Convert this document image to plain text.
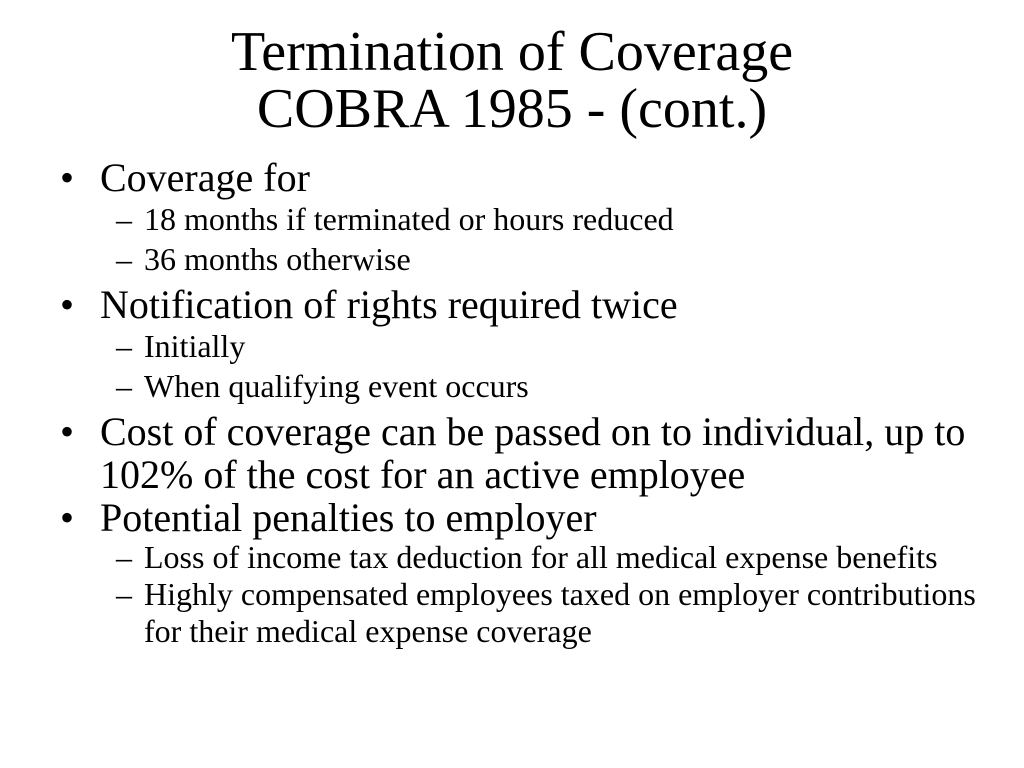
Termination of Coverage
COBRA 1985 - (cont.)
• Coverage for
– 18 months if terminated or hours reduced
– 36 months otherwise
• Notification of rights required twice
– Initially
– When qualifying event occurs
• Cost of coverage can be passed on to individual, up to 102% of the cost for an active employee
• Potential penalties to employer
– Loss of income tax deduction for all medical expense benefits
– Highly compensated employees taxed on employer contributions for their medical expense coverage
